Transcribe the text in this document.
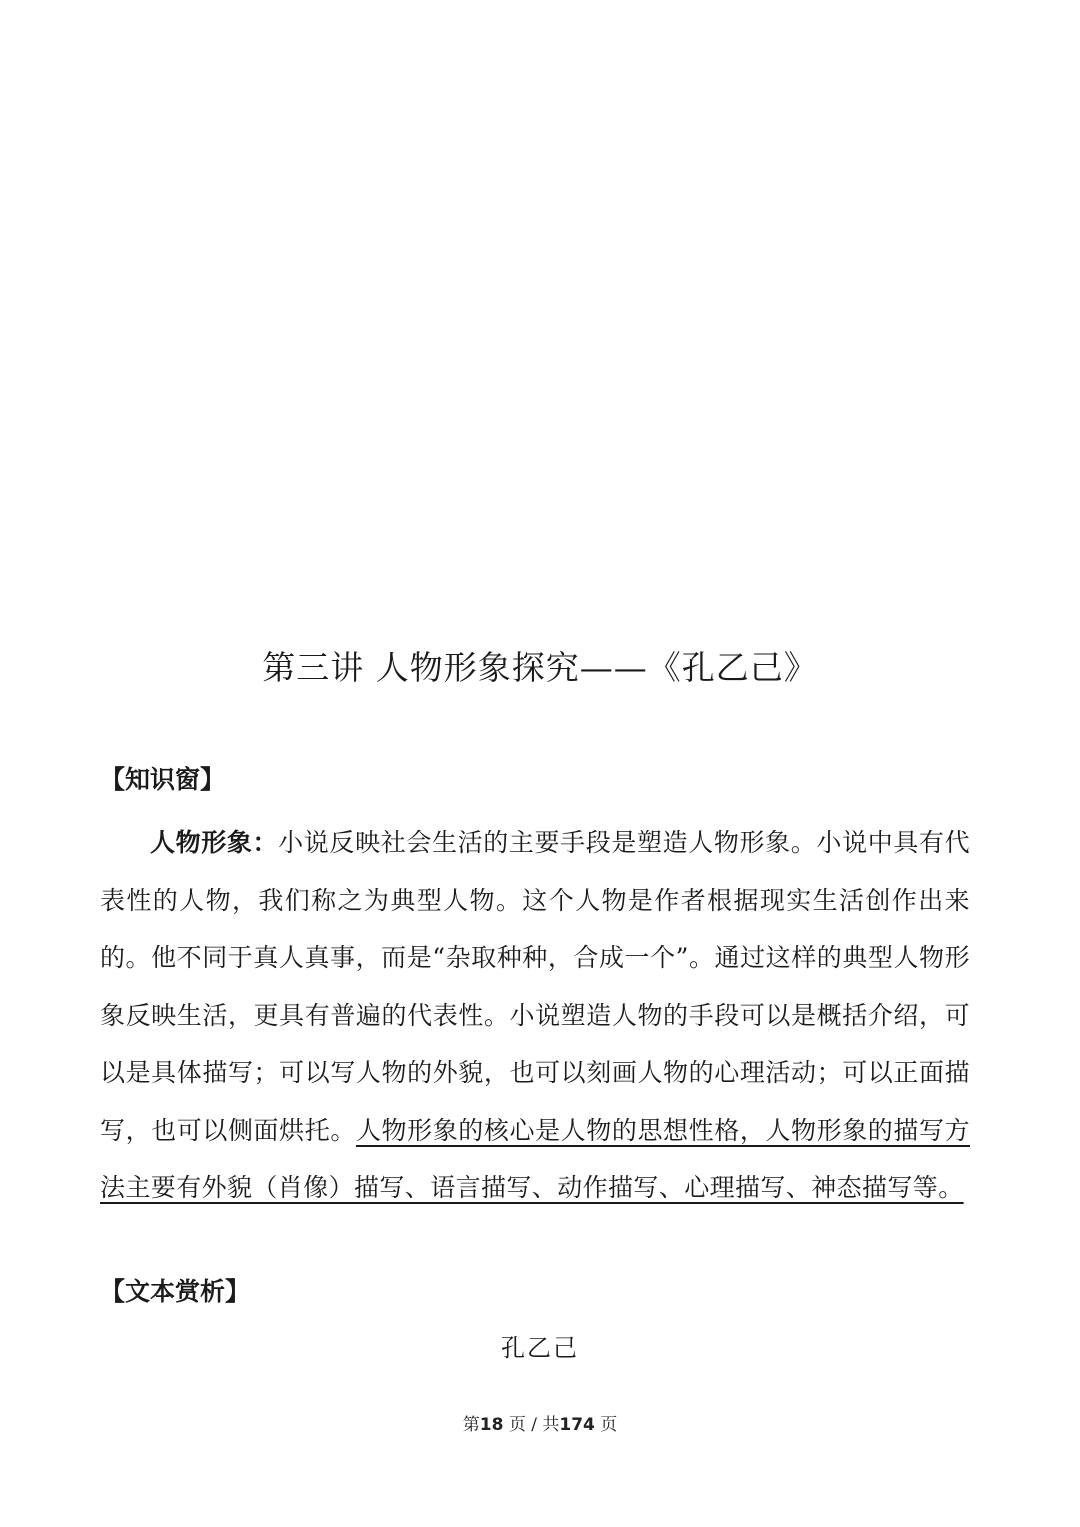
第三讲 人物形象探究——《孔乙己》
【知识窗】
人物形象：小说反映社会生活的主要手段是塑造人物形象。小说中具有代表性的人物，我们称之为典型人物。这个人物是作者根据现实生活创作出来的。他不同于真人真事，而是“杂取种种，合成一个”。通过这样的典型人物形象反映生活，更具有普遍的代表性。小说塑造人物的手段可以是概括介绍，可以是具体描写；可以写人物的外貌，也可以刻画人物的心理活动；可以正面描写，也可以侧面烘托。人物形象的核心是人物的思想性格，人物形象的描写方法主要有外貌（肖像）描写、语言描写、动作描写、心理描写、神态描写等。
【文本赏析】
孔乙己
第18 页 / 共174 页
